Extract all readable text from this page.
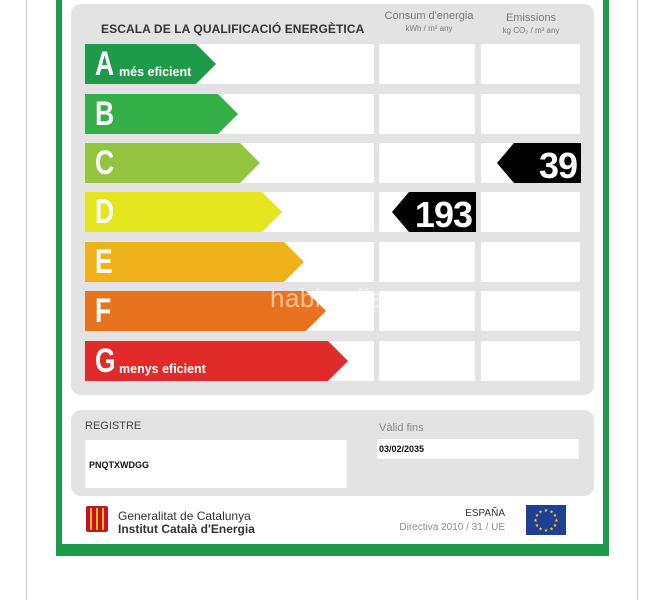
ESCALA DE LA QUALIFICACIÓ ENERGÈTICA
Consum d'energia
kWh / m² any
Emissions
kg CO₂ / m² any
A més eficient
B
C	39
D	193
E
F
G menys eficient
habitaclia
REGISTRE
PNQTXWDGG
Vàlid fins
03/02/2035
Generalitat de Catalunya
Institut Català d'Energia
ESPAÑA
Directiva 2010 / 31 / UE
★ ★
★
★
★
★
★
★
★
★
★
★
